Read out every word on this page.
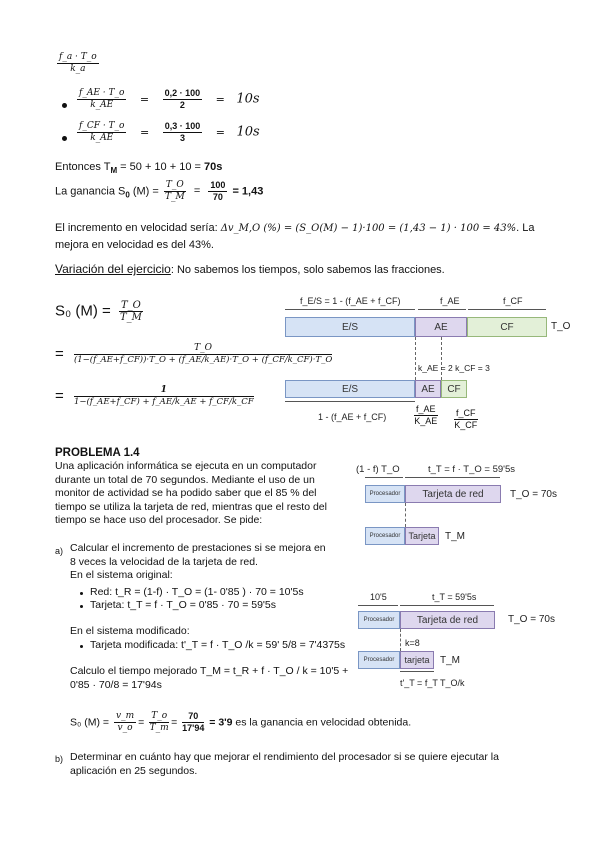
$\frac{f\_a \cdot T\_o}{k\_a}$
$\frac{f\_AE \cdot T\_o}{k\_AE} = \frac{0,2 \cdot 100}{2} = 10s$
$\frac{f\_CF \cdot T\_o}{k\_AE} = \frac{0,3 \cdot 100}{3} = 10s$
Entonces $T_M = 50 + 10 + 10 = 70s$
La ganancia $S_0$ $(M) = \frac{T\_O}{T\_M} = \frac{100}{70} = 1,43$
El incremento en velocidad sería: Δv_M,O (%) = (S_O(M) − 1)·100 = (1,43 − 1) · 100 = 43%. La
mejora en velocidad es del 43%.
Variación del ejercicio: No sabemos los tiempos, solo sabemos las fracciones.
S₀ $(M) = \frac{T\_O}{T\_M}$
= $\frac{T\_O}{(1-(f\_AE+f\_CF))\cdot T\_O + (f\_AE/k\_AE)\cdot T\_O + (f\_CF/k\_CF)\cdot T\_O}$
= $\frac{1}{1-(f\_AE+f\_CF) + f\_AE/k\_AE + f\_CF/k\_CF}$
f_E/S = 1 - (f_AE + f_CF)	f_AE	f_CF
E/S	AE	CF	T_O
k_AE = 2 k_CF = 3
E/S	AE	CF
1 - (f_AE + f_CF)	$\frac{f\_AE}{K\_AE} \frac{f\_CF}{K\_CF}$
PROBLEMA 1.4
Una aplicación informática se ejecuta en un computador
durante un total de 70 segundos. Mediante el uso de un
monitor de actividad se ha podido saber que el 85 % del
tiempo se utiliza la tarjeta de red, mientras que el resto del
tiempo se hace uso del procesador. Se pide:
a) Calcular el incremento de prestaciones si se mejora en
8 veces la velocidad de la tarjeta de red.
En el sistema original:
Red: t_R = (1-f) · T_O = (1- 0'85 ) · 70 = 10'5s
Tarjeta: t_T = f · T_O = 0'85 · 70 = 59'5s
En el sistema modificado:
Tarjeta modificada: t'_T = f · T_O /k = 59' 5/8 = 7'4375s
Calculo el tiempo mejorado T_M = t_R + f · T_O / k = 10'5 +
0'85 · 70/8 = 17'94s
S₀ $(M) = \frac{v\_m}{v\_o} = \frac{T\_o}{T\_m} = \frac{70}{17'94} = 3'9$ es la ganancia en velocidad obtenida.
b) Determinar en cuánto hay que mejorar el rendimiento del procesador si se quiere ejecutar la
aplicación en 25 segundos.
(1 - f) T_O	t_T = f · T_O = 59'5s
Procesador	Tarjeta de red	T_O = 70s
Procesador Tarjeta T_M
10'5	t_T = 59'5s
Procesador	Tarjeta de red	T_O = 70s
k=8
Procesador	tarjeta	T_M
t'_T = f_T T_O/k
